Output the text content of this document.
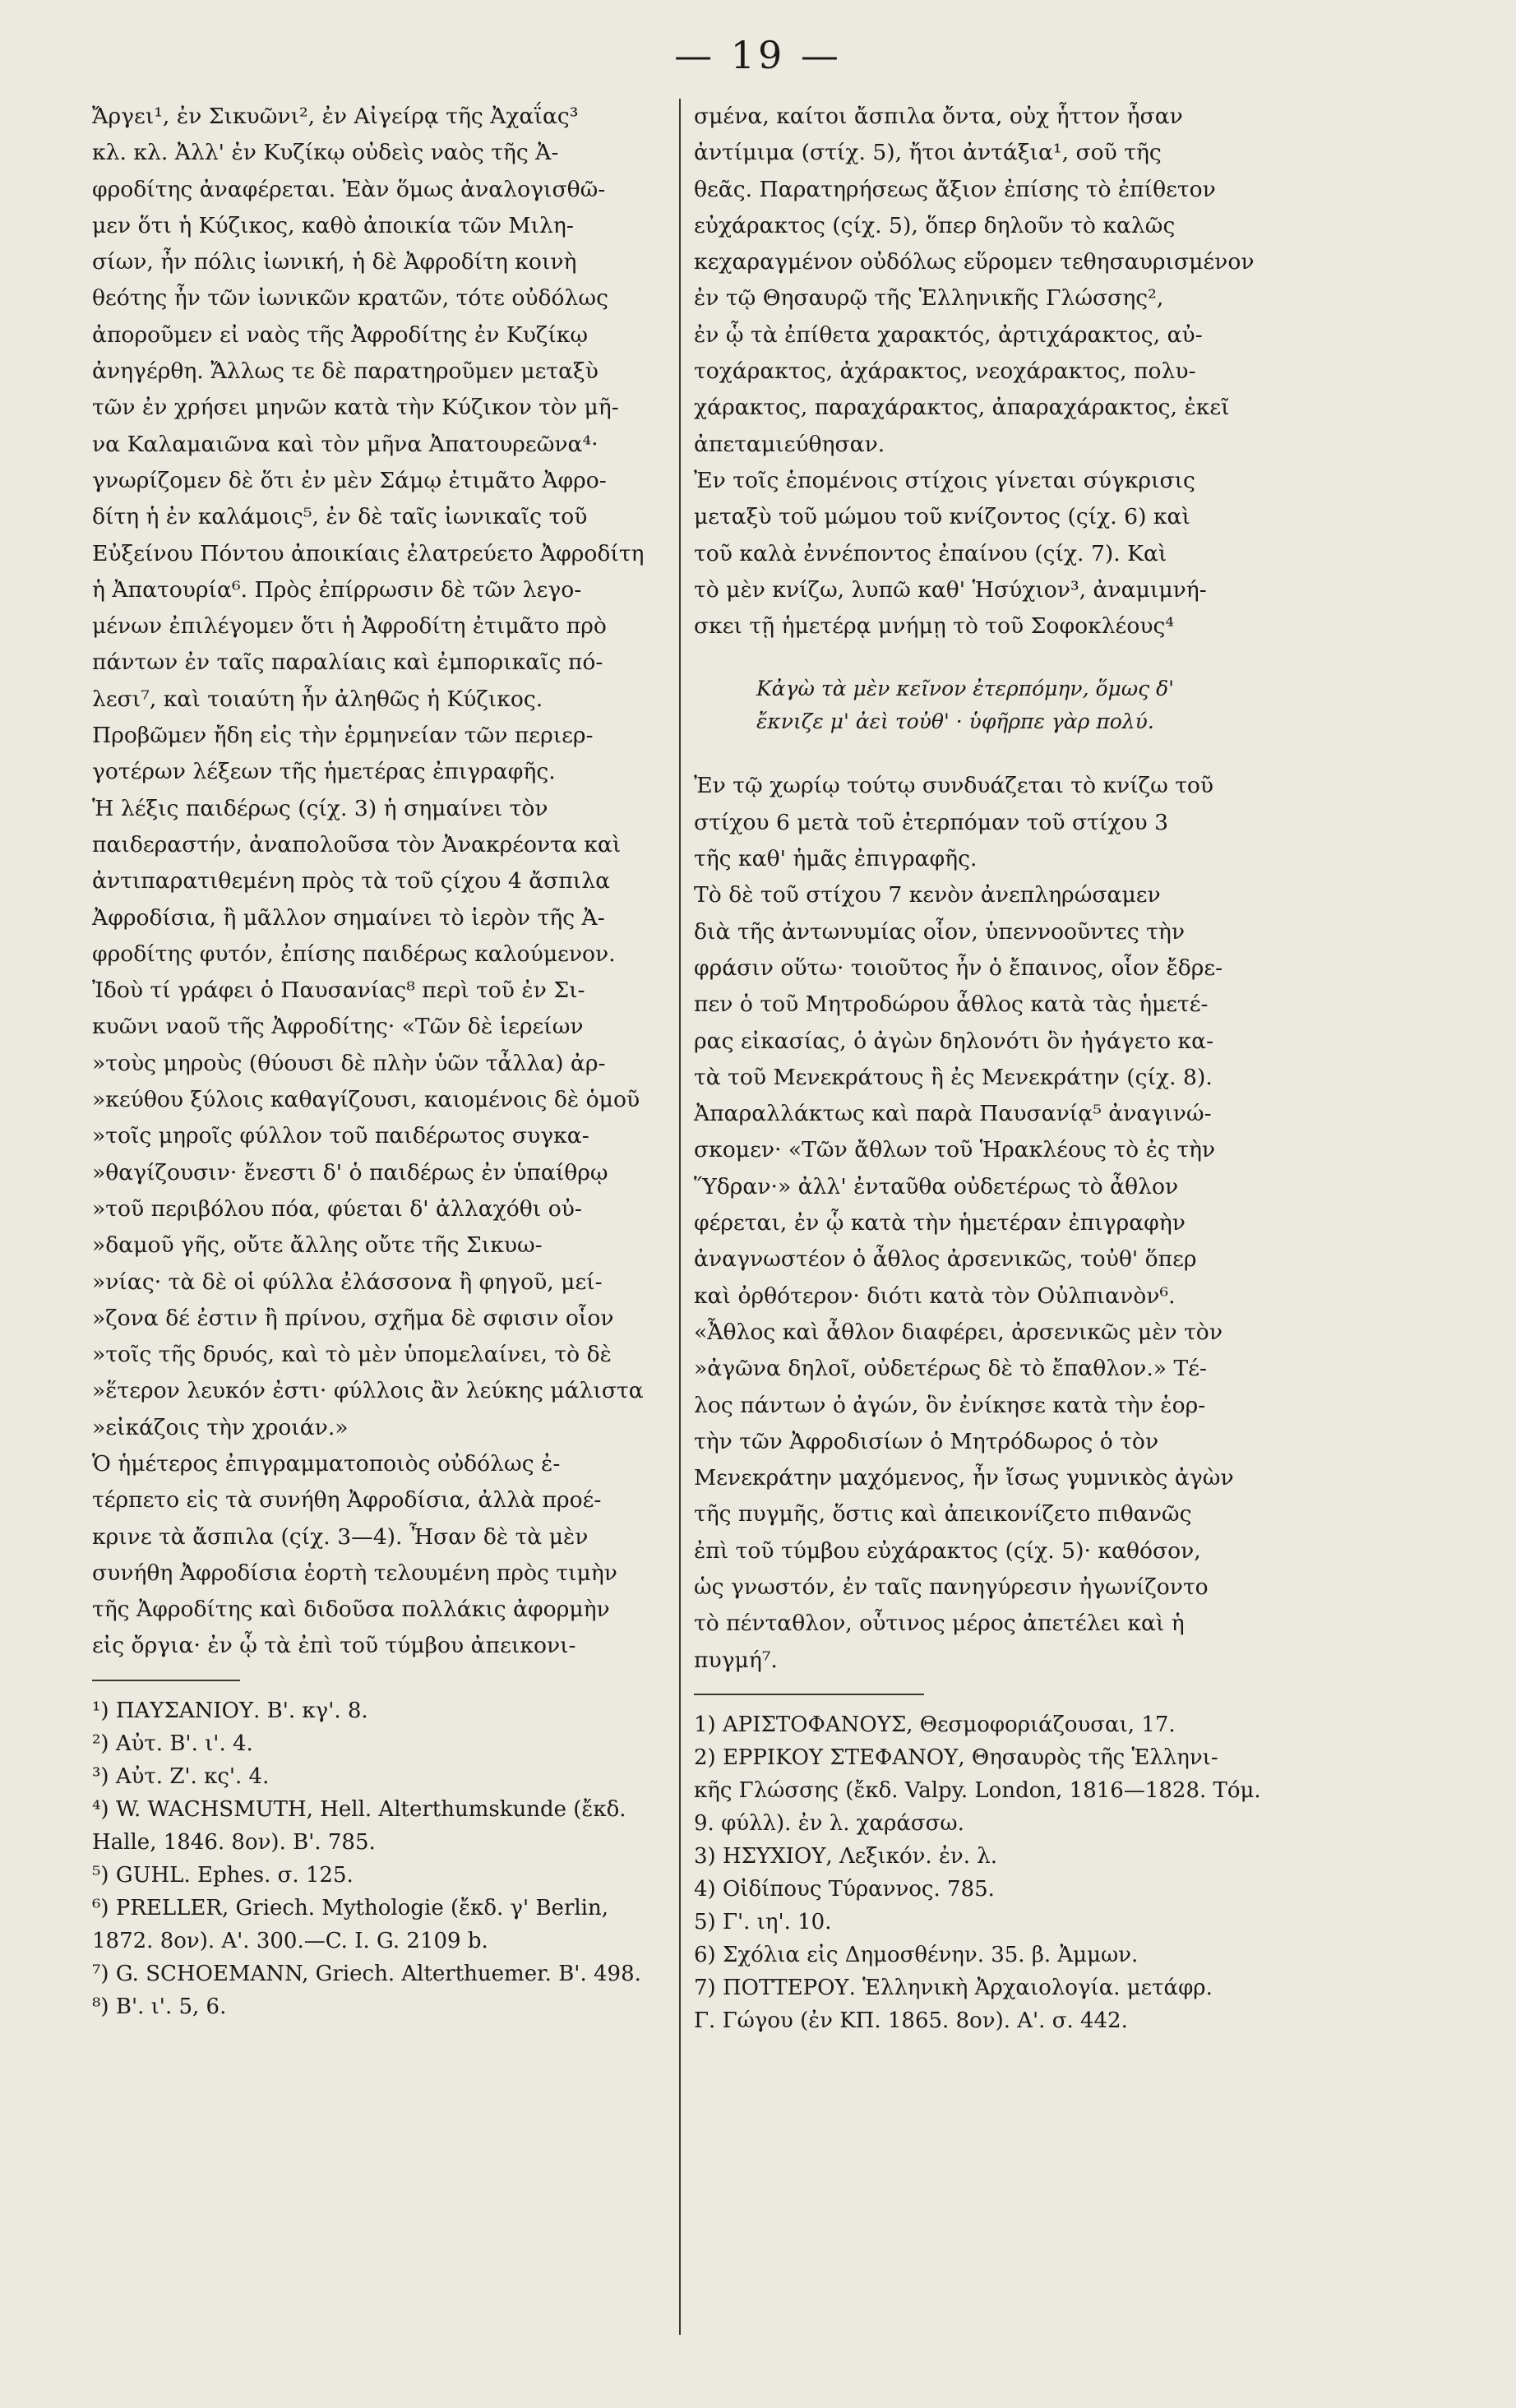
— 19 —

Ἄργει¹, ἐν Σικυῶνι², ἐν Αἰγείρᾳ τῆς Ἀχαΐας³

κλ. κλ. Ἀλλ' ἐν Κυζίκῳ οὐδεὶς ναὸς τῆς Ἀ-

φροδίτης ἀναφέρεται. Ἐὰν ὅμως ἀναλογισθῶ-

μεν ὅτι ἡ Κύζικος, καθὸ ἀποικία τῶν Μιλη-

σίων, ἦν πόλις ἰωνική, ἡ δὲ Ἀφροδίτη κοινὴ

θεότης ἦν τῶν ἰωνικῶν κρατῶν, τότε οὐδόλως

ἀποροῦμεν εἰ ναὸς τῆς Ἀφροδίτης ἐν Κυζίκῳ

ἀνηγέρθη. Ἄλλως τε δὲ παρατηροῦμεν μεταξὺ

τῶν ἐν χρήσει μηνῶν κατὰ τὴν Κύζικον τὸν μῆ-

να Καλαμαιῶνα καὶ τὸν μῆνα Ἀπατουρεῶνα⁴·

γνωρίζομεν δὲ ὅτι ἐν μὲν Σάμῳ ἐτιμᾶτο Ἀφρο-

δίτη ἡ ἐν καλάμοις⁵, ἐν δὲ ταῖς ἰωνικαῖς τοῦ

Εὐξείνου Πόντου ἀποικίαις ἐλατρεύετο Ἀφροδίτη

ἡ Ἀπατουρία⁶. Πρὸς ἐπίρρωσιν δὲ τῶν λεγο-

μένων ἐπιλέγομεν ὅτι ἡ Ἀφροδίτη ἐτιμᾶτο πρὸ

πάντων ἐν ταῖς παραλίαις καὶ ἐμπορικαῖς πό-

λεσι⁷, καὶ τοιαύτη ἦν ἀληθῶς ἡ Κύζικος.

Προβῶμεν ἤδη εἰς τὴν ἑρμηνείαν τῶν περιερ-

γοτέρων λέξεων τῆς ἡμετέρας ἐπιγραφῆς.

Ἡ λέξις παιδέρως (ςίχ. 3) ἡ σημαίνει τὸν

παιδεραστήν, ἀναπολοῦσα τὸν Ἀνακρέοντα καὶ

ἀντιπαρατιθεμένη πρὸς τὰ τοῦ ςίχου 4 ἄσπιλα

Ἀφροδίσια, ἢ μᾶλλον σημαίνει τὸ ἱερὸν τῆς Ἀ-

φροδίτης φυτόν, ἐπίσης παιδέρως καλούμενον.

Ἰδοὺ τί γράφει ὁ Παυσανίας⁸ περὶ τοῦ ἐν Σι-

κυῶνι ναοῦ τῆς Ἀφροδίτης· «Τῶν δὲ ἱερείων

»τοὺς μηροὺς (θύουσι δὲ πλὴν ὑῶν τἆλλα) ἀρ-

»κεύθου ξύλοις καθαγίζουσι, καιομένοις δὲ ὁμοῦ

»τοῖς μηροῖς φύλλον τοῦ παιδέρωτος συγκα-

»θαγίζουσιν· ἔνεστι δ' ὁ παιδέρως ἐν ὑπαίθρῳ

»τοῦ περιβόλου πόα, φύεται δ' ἀλλαχόθι οὐ-

»δαμοῦ γῆς, οὔτε ἄλλης οὔτε τῆς Σικυω-

»νίας· τὰ δὲ οἱ φύλλα ἐλάσσονα ἢ φηγοῦ, μεί-

»ζονα δέ ἐστιν ἢ πρίνου, σχῆμα δὲ σφισιν οἷον

»τοῖς τῆς δρυός, καὶ τὸ μὲν ὑπομελαίνει, τὸ δὲ

»ἕτερον λευκόν ἐστι· φύλλοις ἂν λεύκης μάλιστα

»εἰκάζοις τὴν χροιάν.»

Ὁ ἡμέτερος ἐπιγραμματοποιὸς οὐδόλως ἐ-

τέρπετο εἰς τὰ συνήθη Ἀφροδίσια, ἀλλὰ προέ-

κρινε τὰ ἄσπιλα (ςίχ. 3—4). Ἦσαν δὲ τὰ μὲν

συνήθη Ἀφροδίσια ἑορτὴ τελουμένη πρὸς τιμὴν

τῆς Ἀφροδίτης καὶ διδοῦσα πολλάκις ἀφορμὴν

εἰς ὄργια· ἐν ᾧ τὰ ἐπὶ τοῦ τύμβου ἀπεικονι-

¹) ΠΑΥΣΑΝΙΟΥ. Β'. κγ'. 8.

²) Αὐτ. Β'. ι'. 4.

³) Αὐτ. Ζ'. κς'. 4.

⁴) W. WACHSMUTH, Hell. Alterthumskunde (ἔκδ.

Halle, 1846. 8ον). Β'. 785.

⁵) GUHL. Ephes. σ. 125.

⁶) PRELLER, Griech. Mythologie (ἔκδ. γ' Berlin,

1872. 8ον). Α'. 300.—C. I. G. 2109 b.

⁷) G. SCHOEMANN, Griech. Alterthuemer. Β'. 498.

⁸) Β'. ι'. 5, 6.

σμένα, καίτοι ἄσπιλα ὄντα, οὐχ ἧττον ἦσαν

ἀντίμιμα (στίχ. 5), ἤτοι ἀντάξια¹, σοῦ τῆς

θεᾶς. Παρατηρήσεως ἄξιον ἐπίσης τὸ ἐπίθετον

εὐχάρακτος (ςίχ. 5), ὅπερ δηλοῦν τὸ καλῶς

κεχαραγμένον οὐδόλως εὕρομεν τεθησαυρισμένον

ἐν τῷ Θησαυρῷ τῆς Ἑλληνικῆς Γλώσσης²,

ἐν ᾧ τὰ ἐπίθετα χαρακτός, ἀρτιχάρακτος, αὐ-

τοχάρακτος, ἀχάρακτος, νεοχάρακτος, πολυ-

χάρακτος, παραχάρακτος, ἀπαραχάρακτος, ἐκεῖ

ἀπεταμιεύθησαν.

Ἐν τοῖς ἑπομένοις στίχοις γίνεται σύγκρισις

μεταξὺ τοῦ μώμου τοῦ κνίζοντος (ςίχ. 6) καὶ

τοῦ καλὰ ἐννέποντος ἐπαίνου (ςίχ. 7). Καὶ

τὸ μὲν κνίζω, λυπῶ καθ' Ἡσύχιον³, ἀναμιμνή-

σκει τῇ ἡμετέρᾳ μνήμῃ τὸ τοῦ Σοφοκλέους⁴

Κἀγὼ τὰ μὲν κεῖνον ἐτερπόμην, ὅμως δ'

ἔκνιζε μ' ἀεὶ τοὐθ' · ὑφῆρπε γὰρ πολύ.

Ἐν τῷ χωρίῳ τούτῳ συνδυάζεται τὸ κνίζω τοῦ

στίχου 6 μετὰ τοῦ ἐτερπόμαν τοῦ στίχου 3

τῆς καθ' ἡμᾶς ἐπιγραφῆς.

Τὸ δὲ τοῦ στίχου 7 κενὸν ἀνεπληρώσαμεν

διὰ τῆς ἀντωνυμίας οἷον, ὑπεννοοῦντες τὴν

φράσιν οὕτω· τοιοῦτος ἦν ὁ ἔπαινος, οἷον ἔδρε-

πεν ὁ τοῦ Μητροδώρου ἆθλος κατὰ τὰς ἡμετέ-

ρας εἰκασίας, ὁ ἀγὼν δηλονότι ὃν ἠγάγετο κα-

τὰ τοῦ Μενεκράτους ἢ ἐς Μενεκράτην (ςίχ. 8).

Ἀπαραλλάκτως καὶ παρὰ Παυσανίᾳ⁵ ἀναγινώ-

σκομεν· «Τῶν ἄθλων τοῦ Ἡρακλέους τὸ ἐς τὴν

Ὕδραν·» ἀλλ' ἐνταῦθα οὐδετέρως τὸ ἆθλον

φέρεται, ἐν ᾧ κατὰ τὴν ἡμετέραν ἐπιγραφὴν

ἀναγνωστέον ὁ ἆθλος ἀρσενικῶς, τοὐθ' ὅπερ

καὶ ὀρθότερον· διότι κατὰ τὸν Οὐλπιανὸν⁶.

«Ἆθλος καὶ ἆθλον διαφέρει, ἀρσενικῶς μὲν τὸν

»ἀγῶνα δηλοῖ, οὐδετέρως δὲ τὸ ἔπαθλον.» Τέ-

λος πάντων ὁ ἀγών, ὃν ἐνίκησε κατὰ τὴν ἑορ-

τὴν τῶν Ἀφροδισίων ὁ Μητρόδωρος ὁ τὸν

Μενεκράτην μαχόμενος, ἦν ἴσως γυμνικὸς ἀγὼν

τῆς πυγμῆς, ὅστις καὶ ἀπεικονίζετο πιθανῶς

ἐπὶ τοῦ τύμβου εὐχάρακτος (ςίχ. 5)· καθόσον,

ὡς γνωστόν, ἐν ταῖς πανηγύρεσιν ἠγωνίζοντο

τὸ πένταθλον, οὗτινος μέρος ἀπετέλει καὶ ἡ

πυγμή⁷.

1) ΑΡΙΣΤΟΦΑΝΟΥΣ, Θεσμοφοριάζουσαι, 17.

2) ΕΡΡΙΚΟΥ ΣΤΕΦΑΝΟΥ, Θησαυρὸς τῆς Ἑλληνι-

κῆς Γλώσσης (ἔκδ. Valpy. London, 1816—1828. Τόμ.

9. φύλλ). ἐν λ. χαράσσω.

3) ΗΣΥΧΙΟΥ, Λεξικόν. ἐν. λ.

4) Οἰδίπους Τύραννος. 785.

5) Γ'. ιη'. 10.

6) Σχόλια εἰς Δημοσθένην. 35. β. Ἀμμων.

7) ΠΟΤΤΕΡΟΥ. Ἑλληνικὴ Ἀρχαιολογία. μετάφρ.

Γ. Γώγου (ἐν ΚΠ. 1865. 8ον). Α'. σ. 442.
